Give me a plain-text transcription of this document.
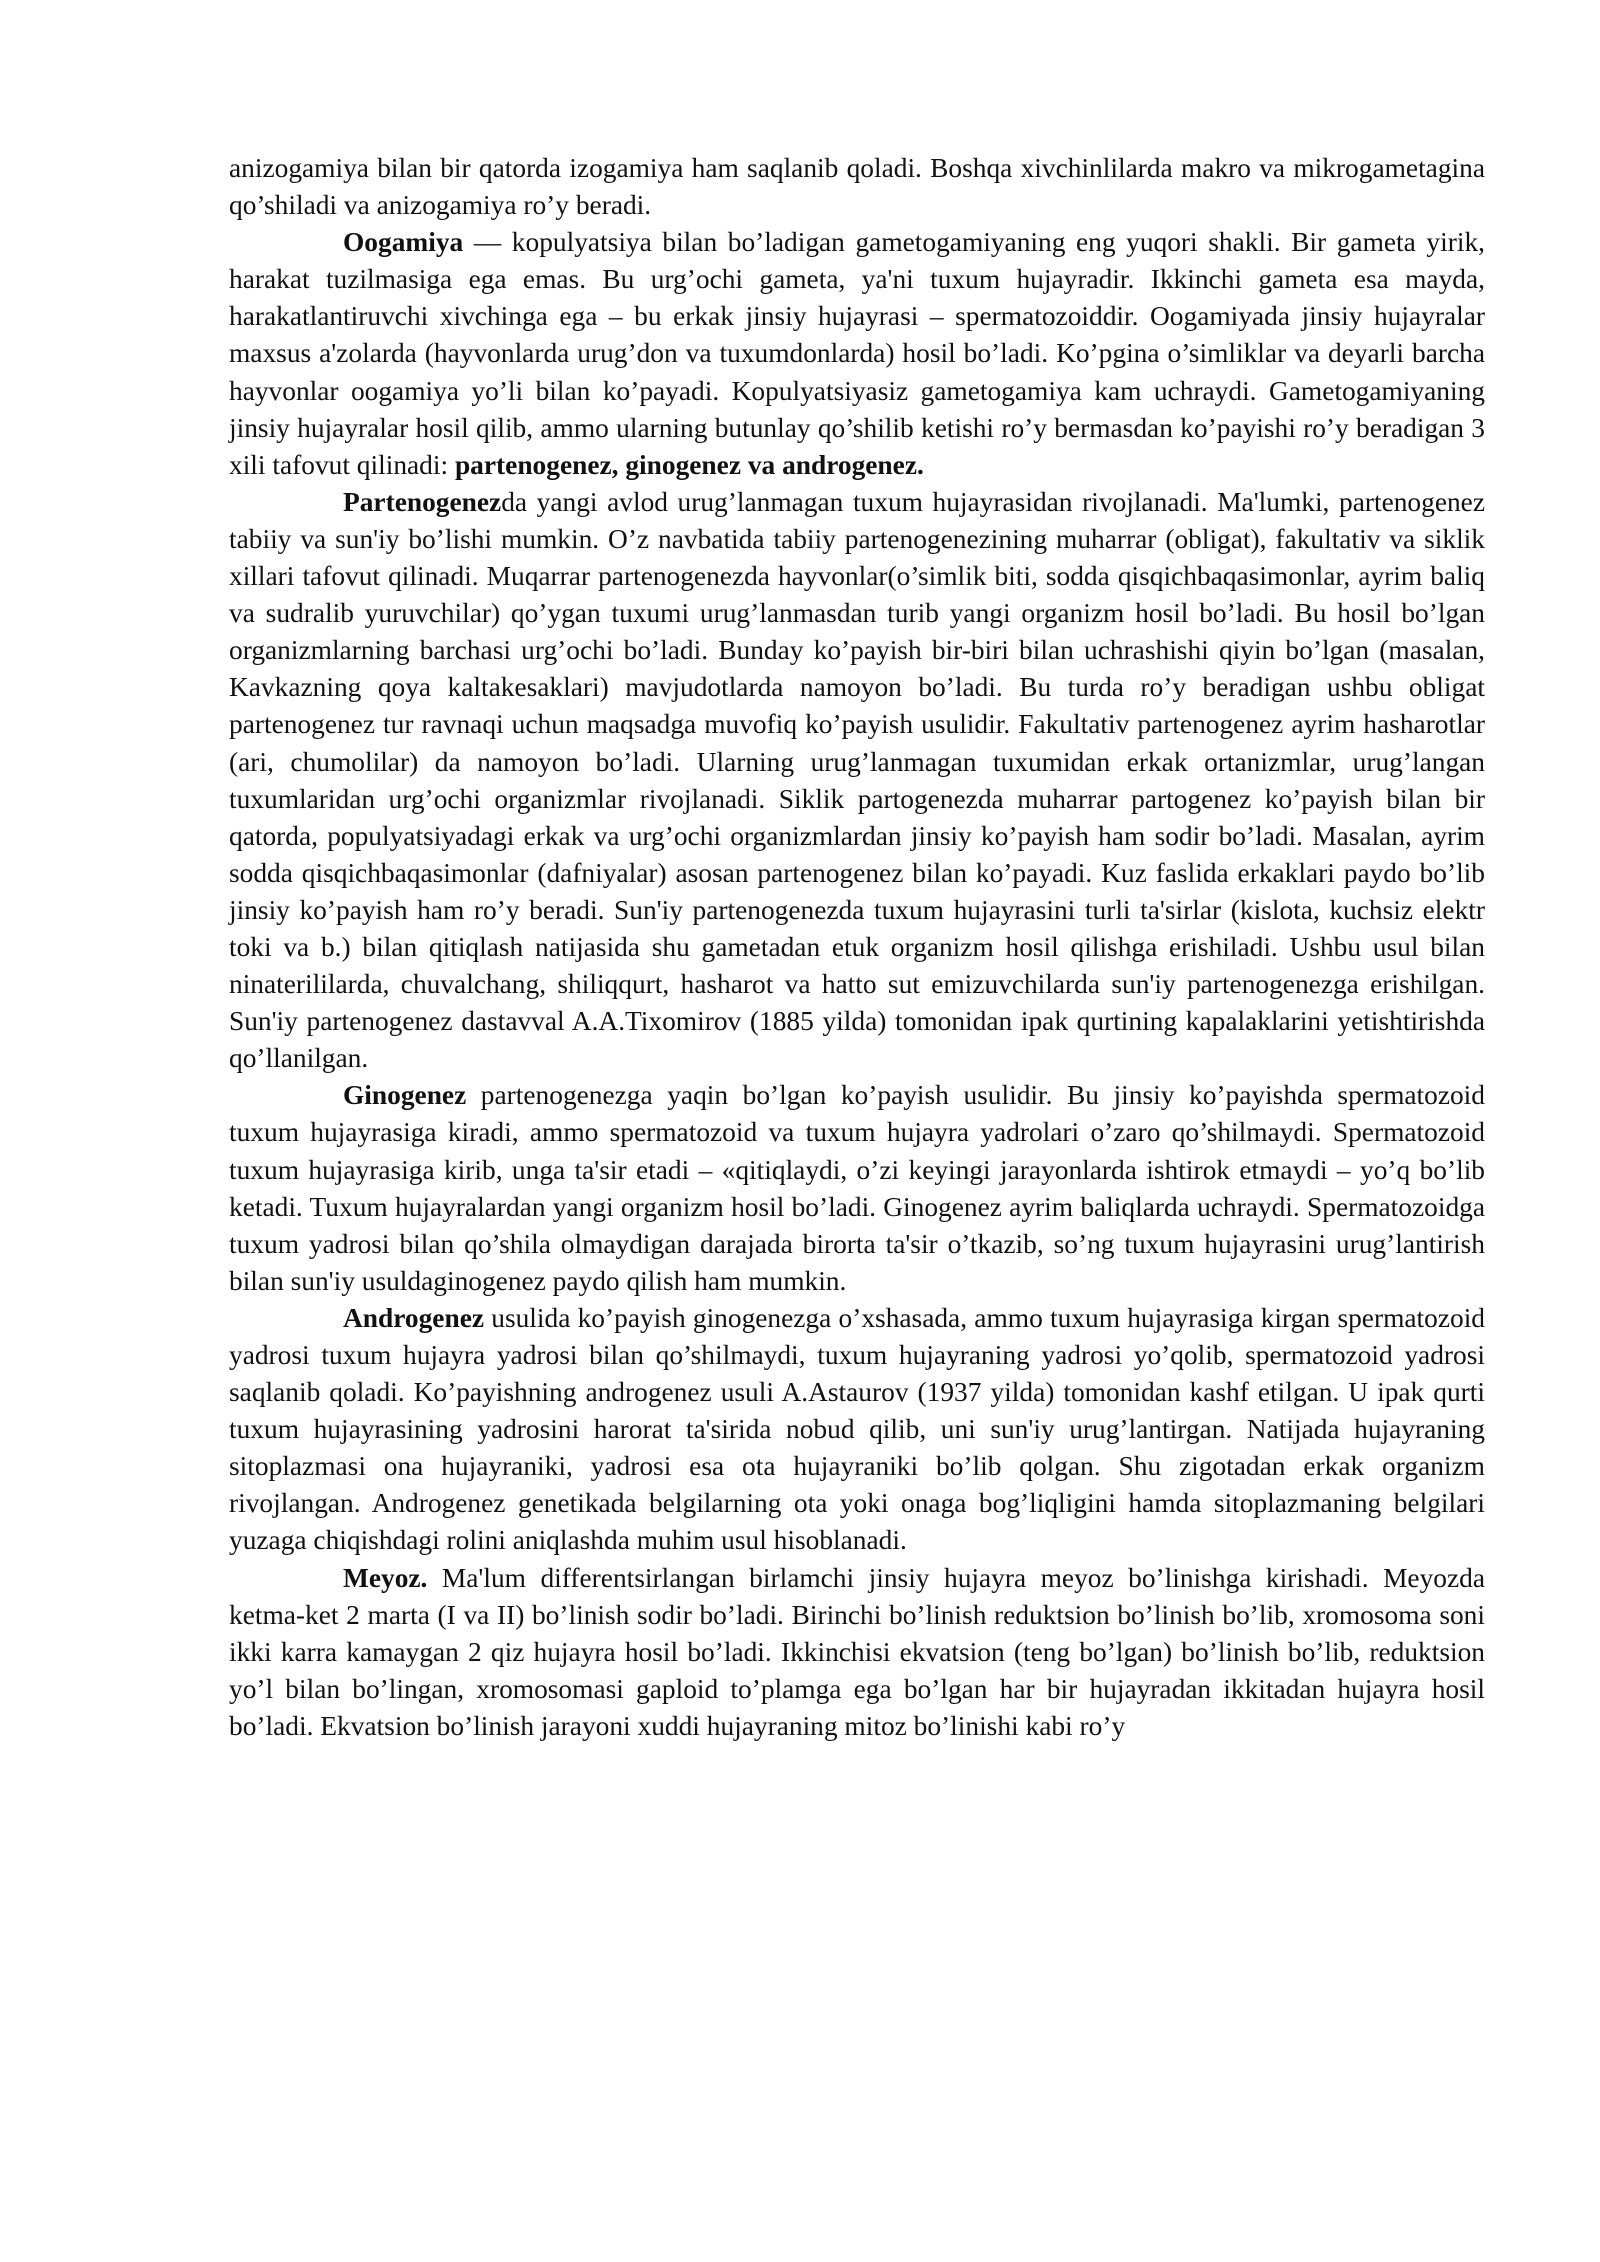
anizogamiya bilan bir qatorda izogamiya ham saqlanib qoladi. Boshqa xivchinlilarda makro va mikrogametagina qo’shiladi va anizogamiya ro’y beradi.

Oogamiya — kopulyatsiya bilan bo’ladigan gametogamiyaning eng yuqori shakli. Bir gameta yirik, harakat tuzilmasiga ega emas. Bu urg’ochi gameta, ya'ni tuxum hujayradir. Ikkinchi gameta esa mayda, harakatlantiruvchi xivchinga ega – bu erkak jinsiy hujayrasi – spermatozoiddir. Oogamiyada jinsiy hujayralar maxsus a'zolarda (hayvonlarda urug’don va tuxumdonlarda) hosil bo’ladi. Ko’pgina o’simliklar va deyarli barcha hayvonlar oogamiya yo’li bilan ko’payadi. Kopulyatsiyasiz gametogamiya kam uchraydi. Gametogamiyaning jinsiy hujayralar hosil qilib, ammo ularning butunlay qo’shilib ketishi ro’y bermasdan ko’payishi ro’y beradigan 3 xili tafovut qilinadi: partenogenez, ginogenez va androgenez.

Partenogenezda yangi avlod urug’lanmagan tuxum hujayrasidan rivojlanadi. Ma'lumki, partenogenez tabiiy va sun'iy bo’lishi mumkin. O’z navbatida tabiiy partenogenezining muharrar (obligat), fakultativ va siklik xillari tafovut qilinadi. Muqarrar partenogenezda hayvonlar(o’simlik biti, sodda qisqichbaqasimonlar, ayrim baliq va sudralib yuruvchilar) qo’ygan tuxumi urug’lanmasdan turib yangi organizm hosil bo’ladi. Bu hosil bo’lgan organizmlarning barchasi urg’ochi bo’ladi. Bunday ko’payish bir-biri bilan uchrashishi qiyin bo’lgan (masalan, Kavkazning qoya kaltakesaklari) mavjudotlarda namoyon bo’ladi. Bu turda ro’y beradigan ushbu obligat partenogenez tur ravnaqi uchun maqsadga muvofiq ko’payish usulidir. Fakultativ partenogenez ayrim hasharotlar (ari, chumolilar) da namoyon bo’ladi. Ularning urug’lanmagan tuxumidan erkak ortanizmlar, urug’langan tuxumlaridan urg’ochi organizmlar rivojlanadi. Siklik partogenezda muharrar partogenez ko’payish bilan bir qatorda, populyatsiyadagi erkak va urg’ochi organizmlardan jinsiy ko’payish ham sodir bo’ladi. Masalan, ayrim sodda qisqichbaqasimonlar (dafniyalar) asosan partenogenez bilan ko’payadi. Kuz faslida erkaklari paydo bo’lib jinsiy ko’payish ham ro’y beradi. Sun'iy partenogenezda tuxum hujayrasini turli ta'sirlar (kislota, kuchsiz elektr toki va b.) bilan qitiqlash natijasida shu gametadan etuk organizm hosil qilishga erishiladi. Ushbu usul bilan ninaterililarda, chuvalchang, shiliqqurt, hasharot va hatto sut emizuvchilarda sun'iy partenogenezga erishilgan. Sun'iy partenogenez dastavval A.A.Tixomirov (1885 yilda) tomonidan ipak qurtining kapalaklarini yetishtirishda qo’llanilgan.

Ginogenez partenogenezga yaqin bo’lgan ko’payish usulidir. Bu jinsiy ko’payishda spermatozoid tuxum hujayrasiga kiradi, ammo spermatozoid va tuxum hujayra yadrolari o’zaro qo’shilmaydi. Spermatozoid tuxum hujayrasiga kirib, unga ta'sir etadi – «qitiqlaydi, o’zi keyingi jarayonlarda ishtirok etmaydi – yo’q bo’lib ketadi. Tuxum hujayralardan yangi organizm hosil bo’ladi. Ginogenez ayrim baliqlarda uchraydi. Spermatozoidga tuxum yadrosi bilan qo’shila olmaydigan darajada birorta ta'sir o’tkazib, so’ng tuxum hujayrasini urug’lantirish bilan sun'iy usuldaginogenez paydo qilish ham mumkin.

Androgenez usulida ko’payish ginogenezga o’xshasada, ammo tuxum hujayrasiga kirgan spermatozoid yadrosi tuxum hujayra yadrosi bilan qo’shilmaydi, tuxum hujayraning yadrosi yo’qolib, spermatozoid yadrosi saqlanib qoladi. Ko’payishning androgenez usuli A.Astaurov (1937 yilda) tomonidan kashf etilgan. U ipak qurti tuxum hujayrasining yadrosini harorat ta'sirida nobud qilib, uni sun'iy urug’lantirgan. Natijada hujayraning sitoplazmasi ona hujayraniki, yadrosi esa ota hujayraniki bo’lib qolgan. Shu zigotadan erkak organizm rivojlangan. Androgenez genetikada belgilarning ota yoki onaga bog’liqligini hamda sitoplazmaning belgilari yuzaga chiqishdagi rolini aniqlashda muhim usul hisoblanadi.

Meyoz. Ma'lum differentsirlangan birlamchi jinsiy hujayra meyoz bo’linishga kirishadi. Meyozda ketma-ket 2 marta (I va II) bo’linish sodir bo’ladi. Birinchi bo’linish reduktsion bo’linish bo’lib, xromosoma soni ikki karra kamaygan 2 qiz hujayra hosil bo’ladi. Ikkinchisi ekvatsion (teng bo’lgan) bo’linish bo’lib, reduktsion yo’l bilan bo’lingan, xromosomasi gaploid to’plamga ega bo’lgan har bir hujayradan ikkitadan hujayra hosil bo’ladi. Ekvatsion bo’linish jarayoni xuddi hujayraning mitoz bo’linishi kabi ro’y
